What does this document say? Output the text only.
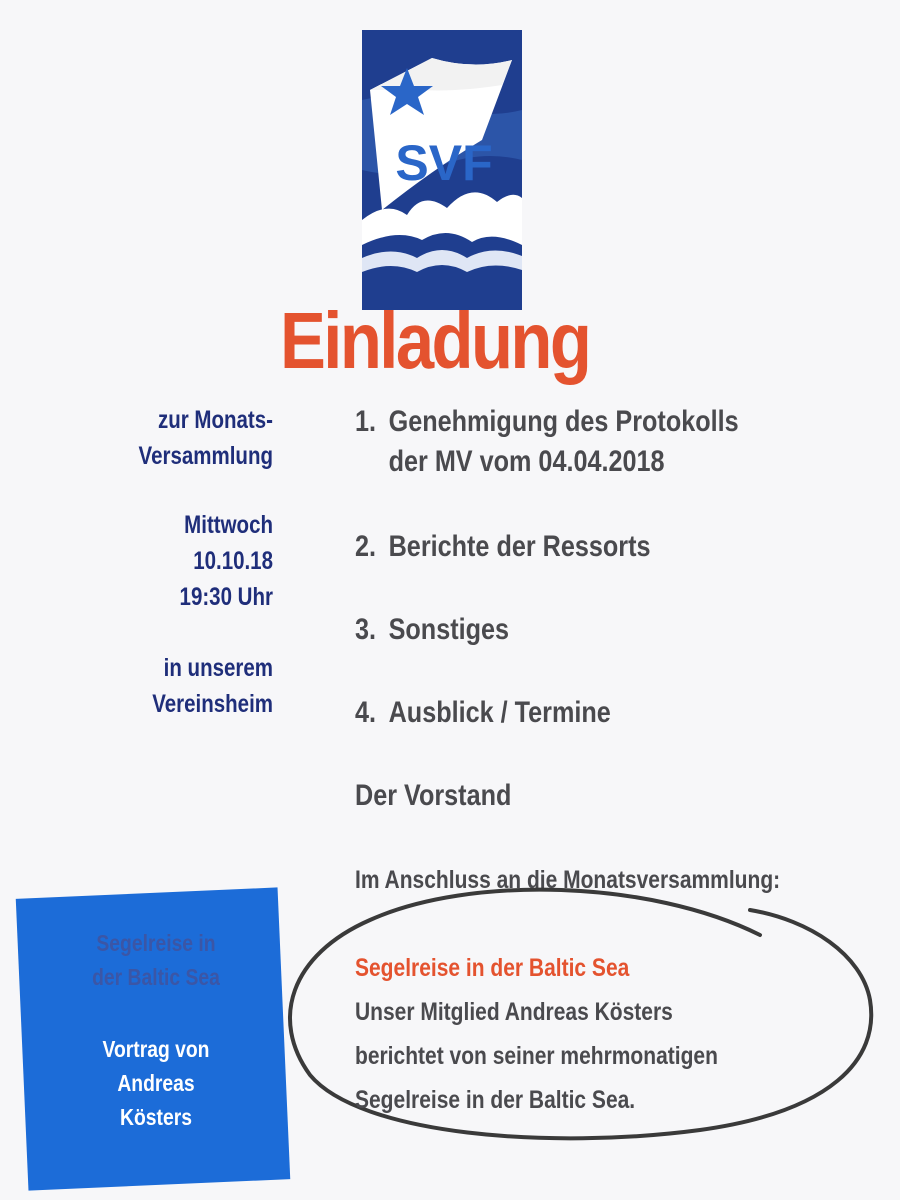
SVF
Einladung
zur Monats-
Versammlung
Mittwoch
10.10.18
19:30 Uhr
in unserem
Vereinsheim
1. Genehmigung des Protokolls
der MV vom 04.04.2018
2. Berichte der Ressorts
3. Sonstiges
4. Ausblick / Termine
Der Vorstand
Im Anschluss an die Monatsversammlung:
Segelreise in der Baltic Sea
Unser Mitglied Andreas Kösters
berichtet von seiner mehrmonatigen
Segelreise in der Baltic Sea.
Segelreise in
der Baltic Sea
Vortrag von
Andreas
Kösters
